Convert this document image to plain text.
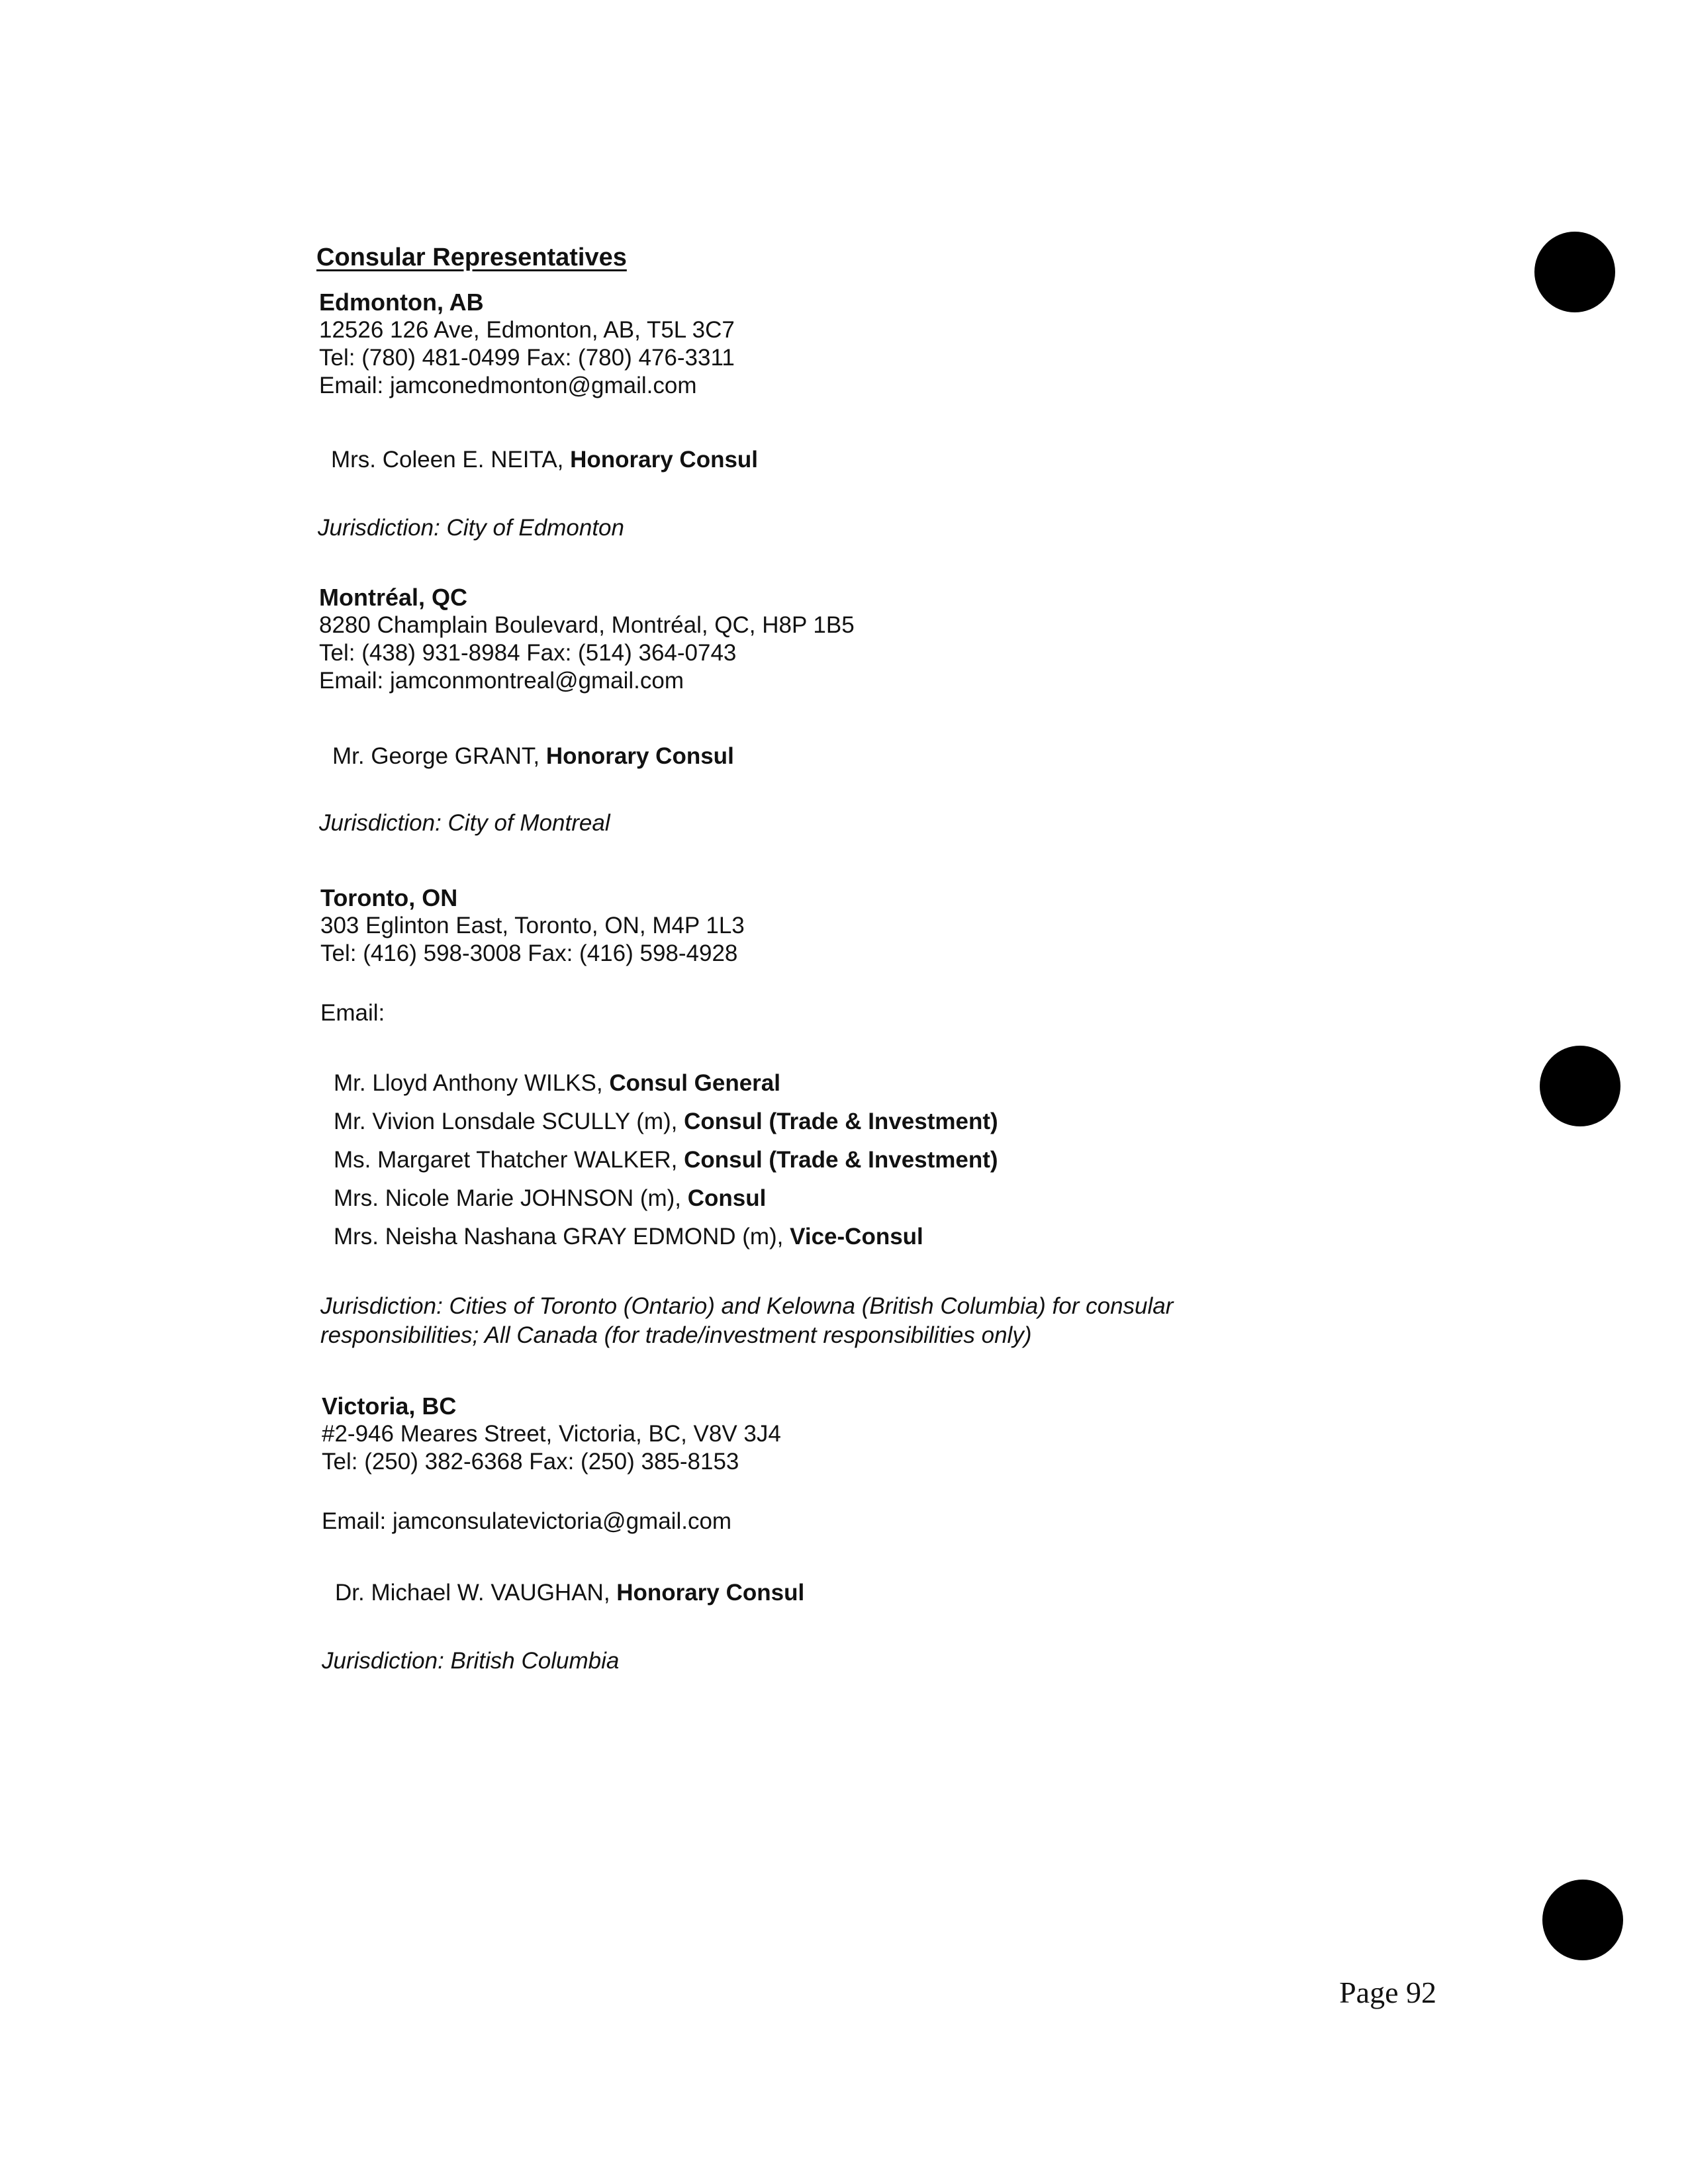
Consular Representatives
Edmonton, AB
12526 126 Ave, Edmonton, AB, T5L 3C7
Tel: (780) 481-0499 Fax: (780) 476-3311
Email: jamconedmonton@gmail.com
Mrs. Coleen E. NEITA, Honorary Consul
Jurisdiction: City of Edmonton
Montréal, QC
8280 Champlain Boulevard, Montréal, QC, H8P 1B5
Tel: (438) 931-8984 Fax: (514) 364-0743
Email: jamconmontreal@gmail.com
Mr. George GRANT, Honorary Consul
Jurisdiction: City of Montreal
Toronto, ON
303 Eglinton East, Toronto, ON, M4P 1L3
Tel: (416) 598-3008 Fax: (416) 598-4928
Email:
Mr. Lloyd Anthony WILKS, Consul General
Mr. Vivion Lonsdale SCULLY (m), Consul (Trade & Investment)
Ms. Margaret Thatcher WALKER, Consul (Trade & Investment)
Mrs. Nicole Marie JOHNSON (m), Consul
Mrs. Neisha Nashana GRAY EDMOND (m), Vice-Consul
Jurisdiction: Cities of Toronto (Ontario) and Kelowna (British Columbia) for consular
responsibilities; All Canada (for trade/investment responsibilities only)
Victoria, BC
#2-946 Meares Street, Victoria, BC, V8V 3J4
Tel: (250) 382-6368 Fax: (250) 385-8153
Email: jamconsulatevictoria@gmail.com
Dr. Michael W. VAUGHAN, Honorary Consul
Jurisdiction: British Columbia
Page 92
